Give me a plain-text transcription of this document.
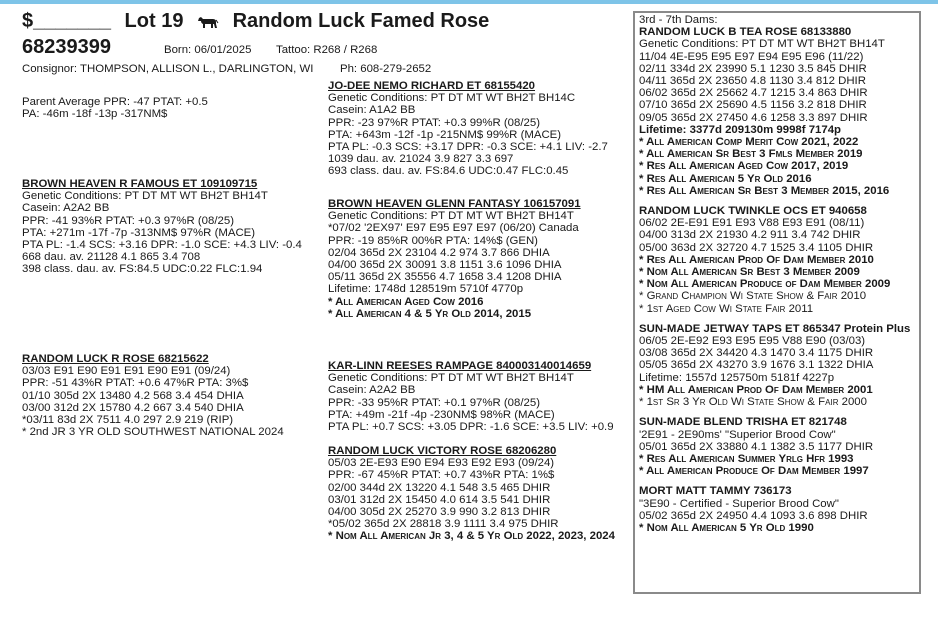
$_______ Lot 19 Random Luck Famed Rose
68239399	Born: 06/01/2025 Tattoo: R268 / R268
Consignor: THOMPSON, ALLISON L., DARLINGTON, WI Ph: 608-279-2652
Parent Average PPR: -47 PTAT: +0.5
PA: -46m -18f -13p -317NM$
BROWN HEAVEN R FAMOUS ET 109109715
Genetic Conditions: PT DT MT WT BH2T BH14T
Casein: A2A2 BB
PPR: -41 93%R PTAT: +0.3 97%R (08/25)
PTA: +271m -17f -7p -313NM$ 97%R (MACE)
PTA PL: -1.4 SCS: +3.16 DPR: -1.0 SCE: +4.3 LIV: -0.4
668 dau. av. 21128 4.1 865 3.4 708
398 class. dau. av. FS:84.5 UDC:0.22 FLC:1.94
RANDOM LUCK R ROSE 68215622
03/03 E91 E90 E91 E91 E90 E91 (09/24)
PPR: -51 43%R PTAT: +0.6 47%R PTA: 3%$
01/10 305d 2X 13480 4.2 568 3.4 454 DHIA
03/00 312d 2X 15780 4.2 667 3.4 540 DHIA
*03/11 83d 2X 7511 4.0 297 2.9 219 (RIP)
* 2nd JR 3 YR OLD SOUTHWEST NATIONAL 2024
JO-DEE NEMO RICHARD ET 68155420
Genetic Conditions: PT DT MT WT BH2T BH14C
Casein: A1A2 BB
PPR: -23 97%R PTAT: +0.3 99%R (08/25)
PTA: +643m -12f -1p -215NM$ 99%R (MACE)
PTA PL: -0.3 SCS: +3.17 DPR: -0.3 SCE: +4.1 LIV: -2.7
1039 dau. av. 21024 3.9 827 3.3 697
693 class. dau. av. FS:84.6 UDC:0.47 FLC:0.45
BROWN HEAVEN GLENN FANTASY 106157091
Genetic Conditions: PT DT MT WT BH2T BH14T
*07/02 '2EX97' E97 E95 E97 E97 (06/20) Canada
PPR: -19 85%R 00%R PTA: 14%$ (GEN)
02/04 365d 2X 23104 4.2 974 3.7 866 DHIA
04/00 365d 2X 30091 3.8 1151 3.6 1096 DHIA
05/11 365d 2X 35556 4.7 1658 3.4 1208 DHIA
Lifetime: 1748d 128519m 5710f 4770p
* All American Aged Cow 2016
* All American 4 & 5 Yr Old 2014, 2015
KAR-LINN REESES RAMPAGE 840003140014659
Genetic Conditions: PT DT MT WT BH2T BH14T
Casein: A2A2 BB
PPR: -33 95%R PTAT: +0.1 97%R (08/25)
PTA: +49m -21f -4p -230NM$ 98%R (MACE)
PTA PL: +0.7 SCS: +3.05 DPR: -1.6 SCE: +3.5 LIV: +0.9
RANDOM LUCK VICTORY ROSE 68206280
05/03 2E-E93 E90 E94 E93 E92 E93 (09/24)
PPR: -67 45%R PTAT: +0.7 43%R PTA: 1%$
02/00 344d 2X 13220 4.1 548 3.5 465 DHIR
03/01 312d 2X 15450 4.0 614 3.5 541 DHIR
04/00 305d 2X 25270 3.9 990 3.2 813 DHIR
*05/02 365d 2X 28818 3.9 1111 3.4 975 DHIR
* Nom All American Jr 3, 4 & 5 Yr Old 2022, 2023, 2024
3rd - 7th Dams:
RANDOM LUCK B TEA ROSE 68133880
Genetic Conditions: PT DT MT WT BH2T BH14T
11/04 4E-E95 E95 E97 E94 E95 E96 (11/22)
02/11 334d 2X 23990 5.1 1230 3.5 845 DHIR
04/11 365d 2X 23650 4.8 1130 3.4 812 DHIR
06/02 365d 2X 25662 4.7 1215 3.4 863 DHIR
07/10 365d 2X 25690 4.5 1156 3.2 818 DHIR
09/05 365d 2X 27450 4.6 1258 3.3 897 DHIR
Lifetime: 3377d 209130m 9998f 7174p
* All American Comp Merit Cow 2021, 2022
* All American Sr Best 3 Fmls Member 2019
* Res All American Aged Cow 2017, 2019
* Res All American 5 Yr Old 2016
* Res All American Sr Best 3 Member 2015, 2016
RANDOM LUCK TWINKLE OCS ET 940658
06/02 2E-E91 E91 E93 V88 E93 E91 (08/11)
04/00 313d 2X 21930 4.2 911 3.4 742 DHIR
05/00 363d 2X 32720 4.7 1525 3.4 1105 DHIR
* Res All American Prod Of Dam Member 2010
* Nom All American Sr Best 3 Member 2009
* Nom All American Produce of Dam Member 2009
* Grand Champion Wi State Show & Fair 2010
* 1st Aged Cow Wi State Fair 2011
SUN-MADE JETWAY TAPS ET 865347 Protein Plus
06/05 2E-E92 E93 E95 E95 V88 E90 (03/03)
03/08 365d 2X 34420 4.3 1470 3.4 1175 DHIR
05/05 365d 2X 43270 3.9 1676 3.1 1322 DHIA
Lifetime: 1557d 125750m 5181f 4227p
* HM All American Prod Of Dam Member 2001
* 1st Sr 3 Yr Old Wi State Show & Fair 2000
SUN-MADE BLEND TRISHA ET 821748
'2E91 - 2E90ms' "Superior Brood Cow"
05/01 365d 2X 33880 4.1 1382 3.5 1177 DHIR
* Res All American Summer Yrlg Hfr 1993
* All American Produce Of Dam Member 1997
MORT MATT TAMMY 736173
"3E90 - Certified - Superior Brood Cow"
05/02 365d 2X 24950 4.4 1093 3.6 898 DHIR
* Nom All American 5 Yr Old 1990
